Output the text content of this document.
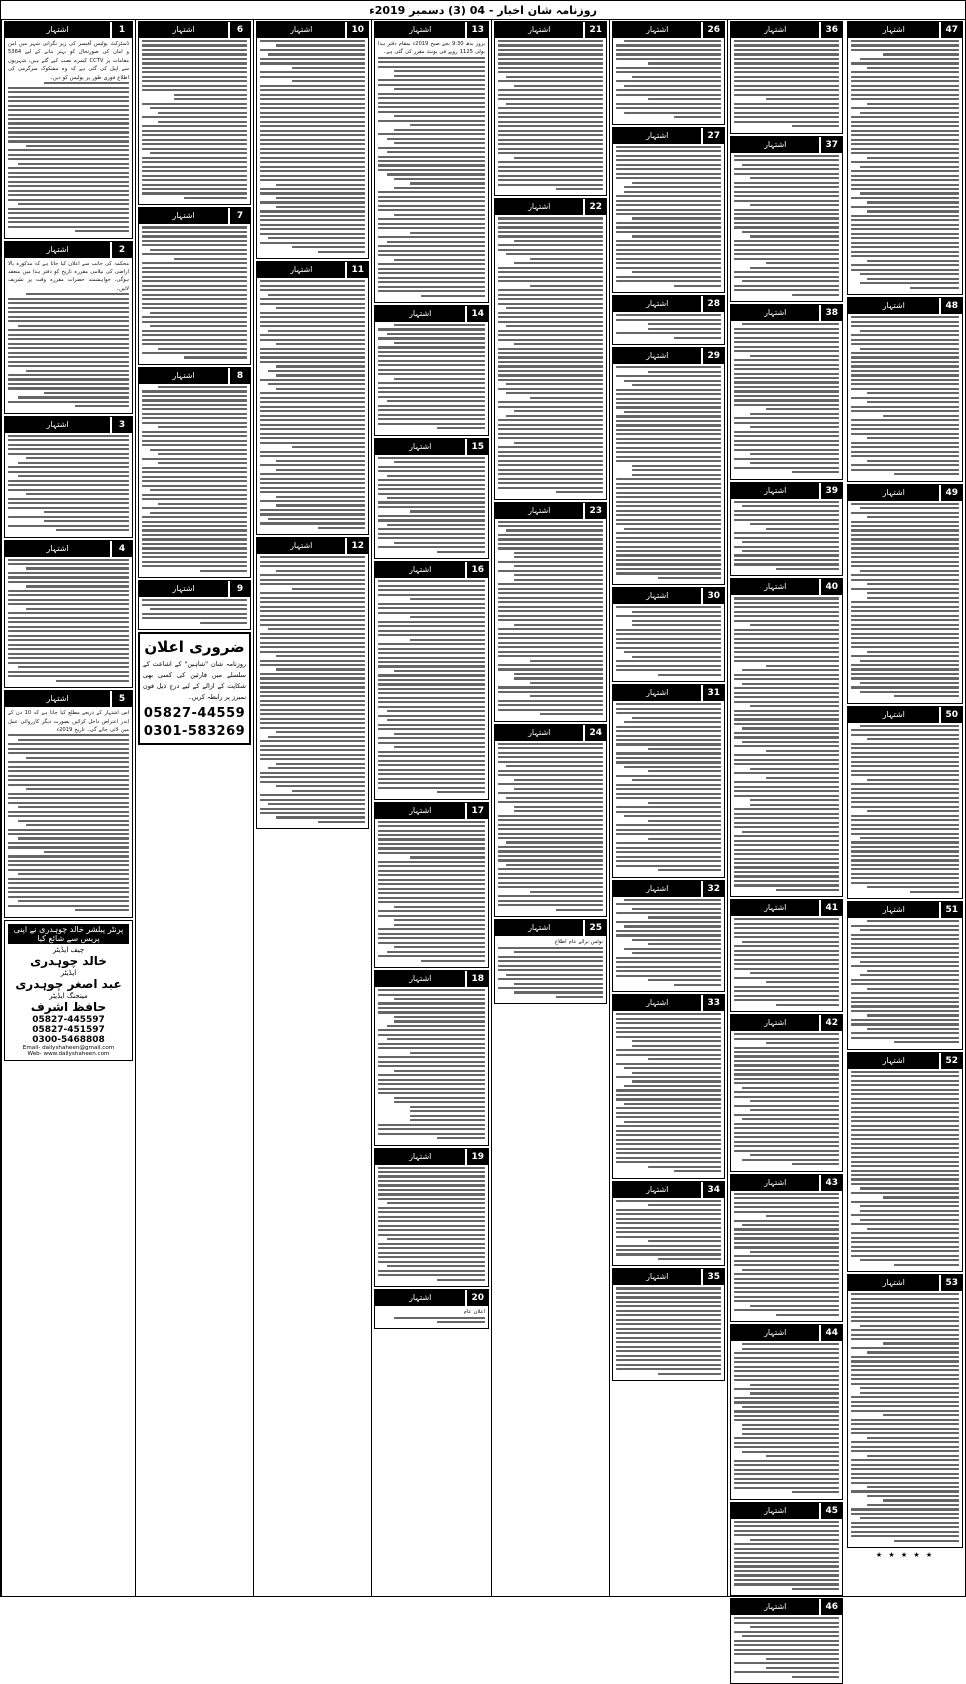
روزنامہ شان اخبار - 04 (3) دسمبر 2019ء
1
اشتہار
ڈسٹرکٹ پولیس آفیسر کی زیر نگرانی شہر میں امن و امان کی صورتحال کو بہتر بنانے کے لیے 5364 مقامات پر CCTV کیمرے نصب کیے گئے ہیں، شہریوں سے اپیل کی گئی ہے کہ وہ مشکوک سرگرمی کی اطلاع فوری طور پر پولیس کو دیں۔
2
اشتہار
محکمہ کی جانب سے اعلان کیا جاتا ہے کہ مذکورہ بالا اراضی کی نیلامی مقررہ تاریخ کو دفتر ہذا میں منعقد ہوگی، خواہشمند حضرات مقررہ وقت پر تشریف لائیں۔
3
اشتہار
4
اشتہار
5
اشتہار
اس اشتہار کے ذریعے مطلع کیا جاتا ہے کہ 10 دن کے اندر اعتراض داخل کرائیں بصورت دیگر کارروائی عمل میں لائی جائے گی۔ تاریخ 2019ء
پرنٹر پبلشر خالد چوہدری نے اپنی پریس سے شائع کیا
چیف ایڈیٹر
خالد چوہدری
ایڈیٹر
عبد اصغر چوہدری
مینجنگ ایڈیٹر
حافظ اشرف
05827-445597
05827-451597
0300-5468808
Email- dailyshaheen@gmail.com
Web- www.dailyshaheen.com
6
اشتہار
7
اشتہار
8
اشتہار
9
اشتہار
ضروری اعلان
روزنامہ شان "شاہین" کے اشاعت کے سلسلے میں قارئین کی کسی بھی شکایت کے ازالے کے لیے درج ذیل فون نمبرز پر رابطہ کریں۔
05827-44559
0301-583269
10
اشتہار
11
اشتہار
12
اشتہار
13
اشتہار
بروز بدھ 9:30 بجے صبح 2019ء بمقام دفتر ہذا بولی 1125 روپے فی یونٹ مقرر کی گئی ہے۔
14
اشتہار
15
اشتہار
16
اشتہار
17
اشتہار
18
اشتہار
19
اشتہار
20
اشتہار
اعلان عام
21
اشتہار
22
اشتہار
23
اشتہار
24
اشتہار
25
اشتہار
نوٹس برائے عام اطلاع
26
اشتہار
27
اشتہار
28
اشتہار
29
اشتہار
30
اشتہار
31
اشتہار
32
اشتہار
33
اشتہار
34
اشتہار
35
اشتہار
36
اشتہار
37
اشتہار
38
اشتہار
39
اشتہار
40
اشتہار
41
اشتہار
42
اشتہار
43
اشتہار
44
اشتہار
45
اشتہار
46
اشتہار
47
اشتہار
48
اشتہار
49
اشتہار
50
اشتہار
51
اشتہار
52
اشتہار
53
اشتہار
★ ★ ★ ★ ★
